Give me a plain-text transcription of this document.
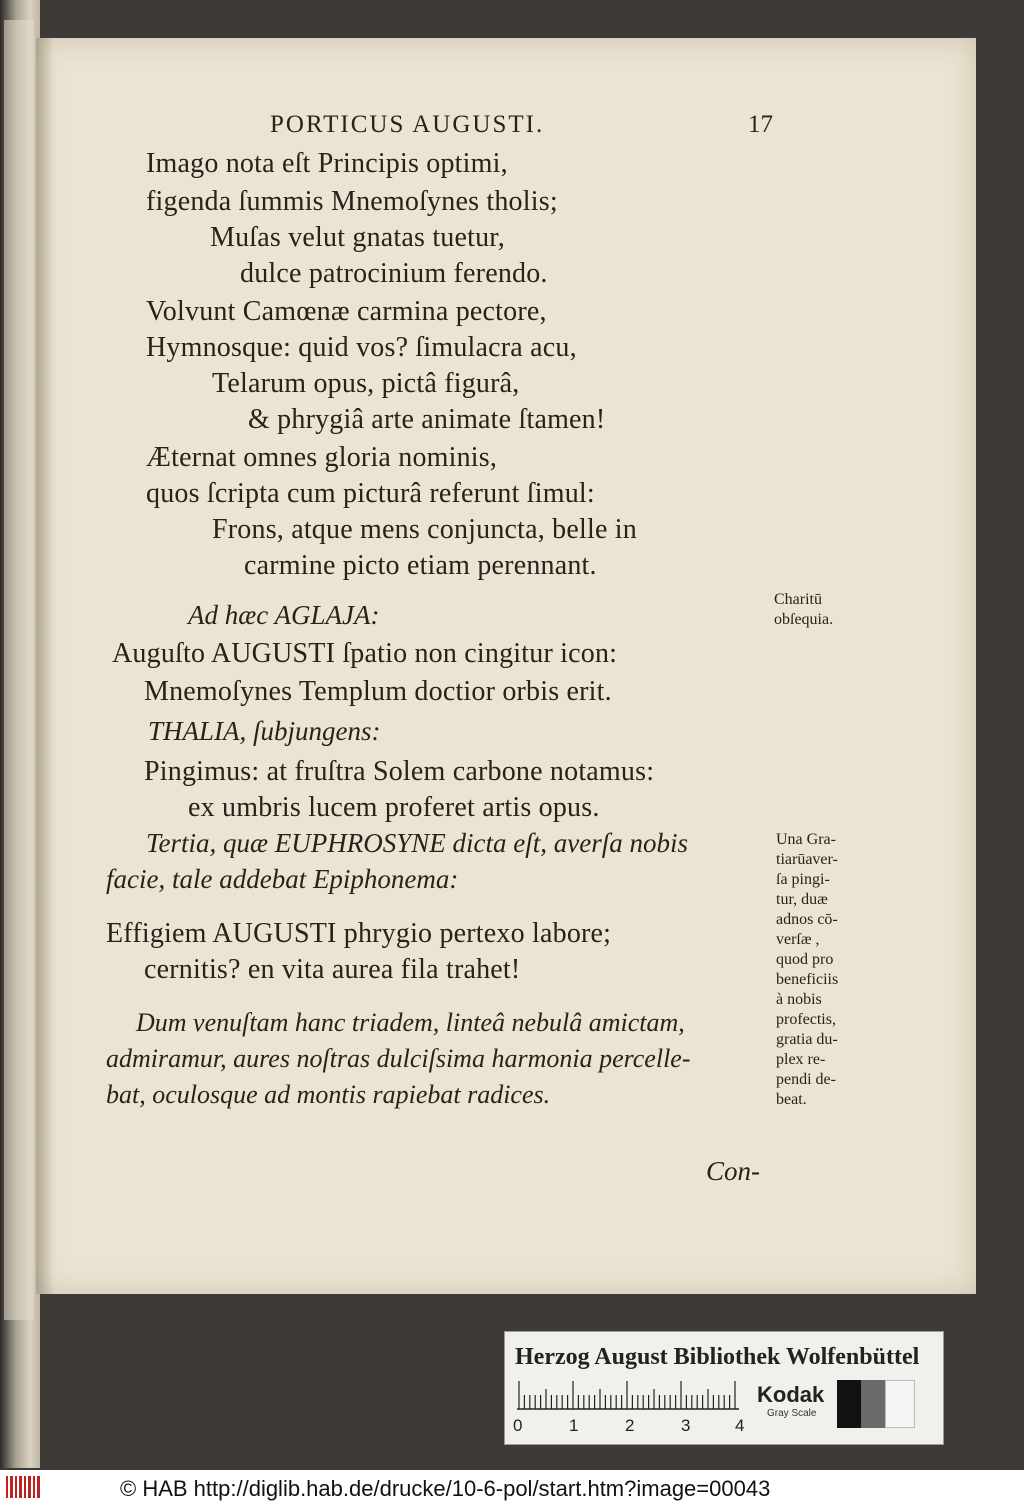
PORTICUS AUGUSTI.	17
Imago nota eſt Principis optimi,
figenda ſummis Mnemoſynes tholis;
Muſas velut gnatas tuetur,
dulce patrocinium ferendo.
Volvunt Camœnæ carmina pectore,
Hymnosque: quid vos? ſimulacra acu,
Telarum opus, pictâ figurâ,
& phrygiâ arte animate ſtamen!
Æternat omnes gloria nominis,
quos ſcripta cum picturâ referunt ſimul:
Frons, atque mens conjuncta, belle in
carmine picto etiam perennant.
Ad hæc AGLAJA:
Auguſto AUGUSTI ſpatio non cingitur icon:
Mnemoſynes Templum doctior orbis erit.
THALIA, ſubjungens:
Pingimus: at fruſtra Solem carbone notamus:
ex umbris lucem proferet artis opus.
Tertia, quæ EUPHROSYNE dicta eſt, averſa nobis
facie, tale addebat Epiphonema:
Effigiem AUGUSTI phrygio pertexo labore;
cernitis? en vita aurea fila trahet!
Dum venuſtam hanc triadem, linteâ nebulâ amictam,
admiramur, aures noſtras dulciſsima harmonia percelle-
bat, oculosque ad montis rapiebat radices.
Con-
Charitū
obſequia.
Una Gra-
tiarūaver-
ſa pingi-
tur, duæ
adnos cō-
verſæ ,
quod pro
beneficiis
à nobis
profectis,
gratia du-
plex re-
pendi de-
beat.
Herzog August Bibliothek Wolfenbüttel
0	1	2	3	4
Kodak
Gray Scale
© HAB http://diglib.hab.de/drucke/10-6-pol/start.htm?image=00043
